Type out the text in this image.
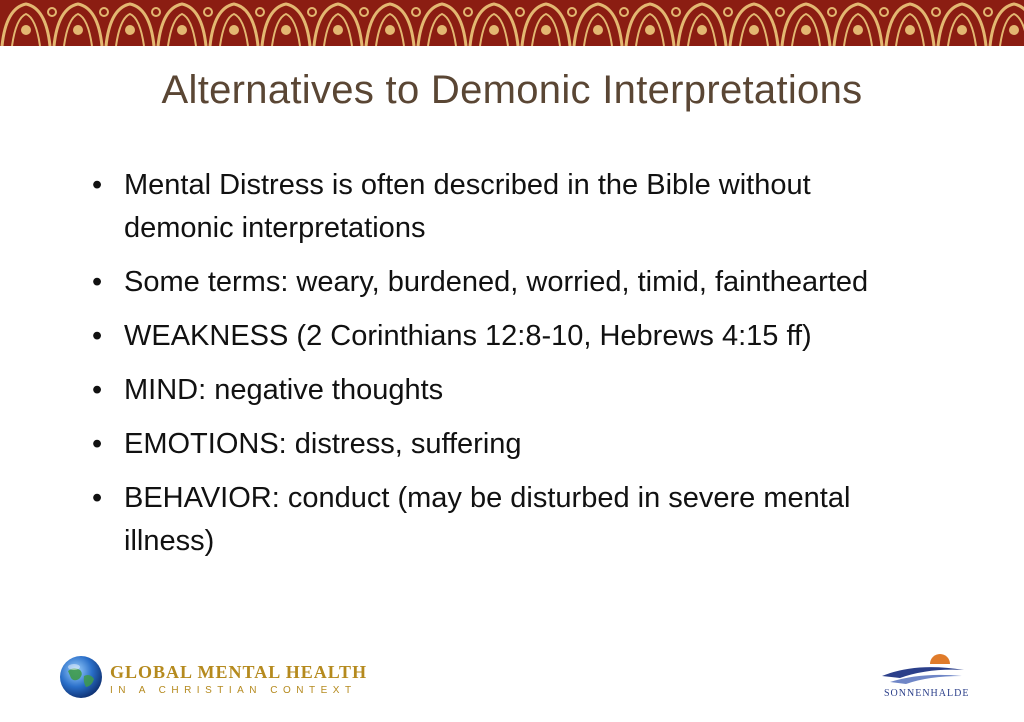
Alternatives to Demonic Interpretations
• Mental Distress is often described in the Bible without demonic interpretations
• Some terms: weary, burdened, worried, timid, fainthearted
• WEAKNESS (2 Corinthians 12:8-10, Hebrews 4:15 ff)
• MIND: negative thoughts
• EMOTIONS: distress, suffering
• BEHAVIOR: conduct (may be disturbed in severe mental illness)
GLOBAL MENTAL HEALTH
IN A CHRISTIAN CONTEXT	SONNENHALDE
